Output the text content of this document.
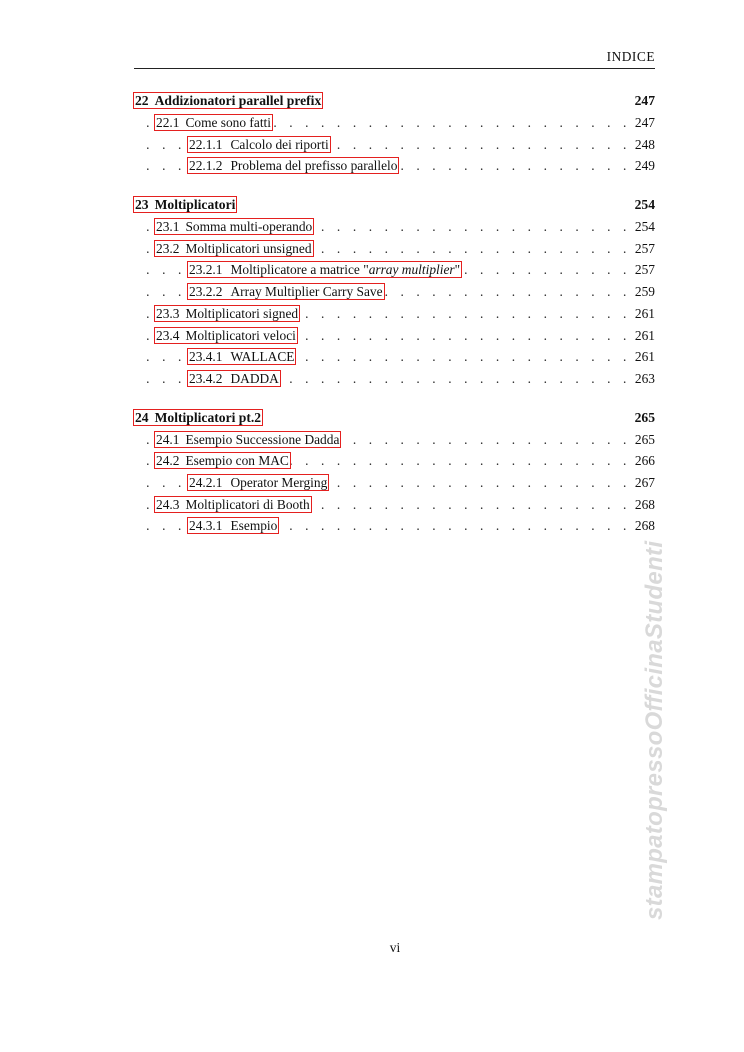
INDICE
22 Addizionatori parallel prefix	247
. . .
22.1 Come sono fatti	247
. . .
22.1.1 Calcolo dei riporti	248
. . .
22.1.2 Problema del prefisso parallelo	249
23 Moltiplicatori	254
. . .
23.1 Somma multi-operando	254
. . .
23.2 Moltiplicatori unsigned	257
. . .
23.2.1 Moltiplicatore a matrice "array multiplier"	257
. . .
23.2.2 Array Multiplier Carry Save	259
. . .
23.3 Moltiplicatori signed	261
. . .
23.4 Moltiplicatori veloci	261
. . .
23.4.1 WALLACE	261
. . .
23.4.2 DADDA	263
24 Moltiplicatori pt.2	265
. . .
24.1 Esempio Successione Dadda	265
. . .
24.2 Esempio con MAC	266
. . .
24.2.1 Operator Merging	267
. . .
24.3 Moltiplicatori di Booth	268
. . .
24.3.1 Esempio	268
stampatopressoOfficinaStudenti
vi
